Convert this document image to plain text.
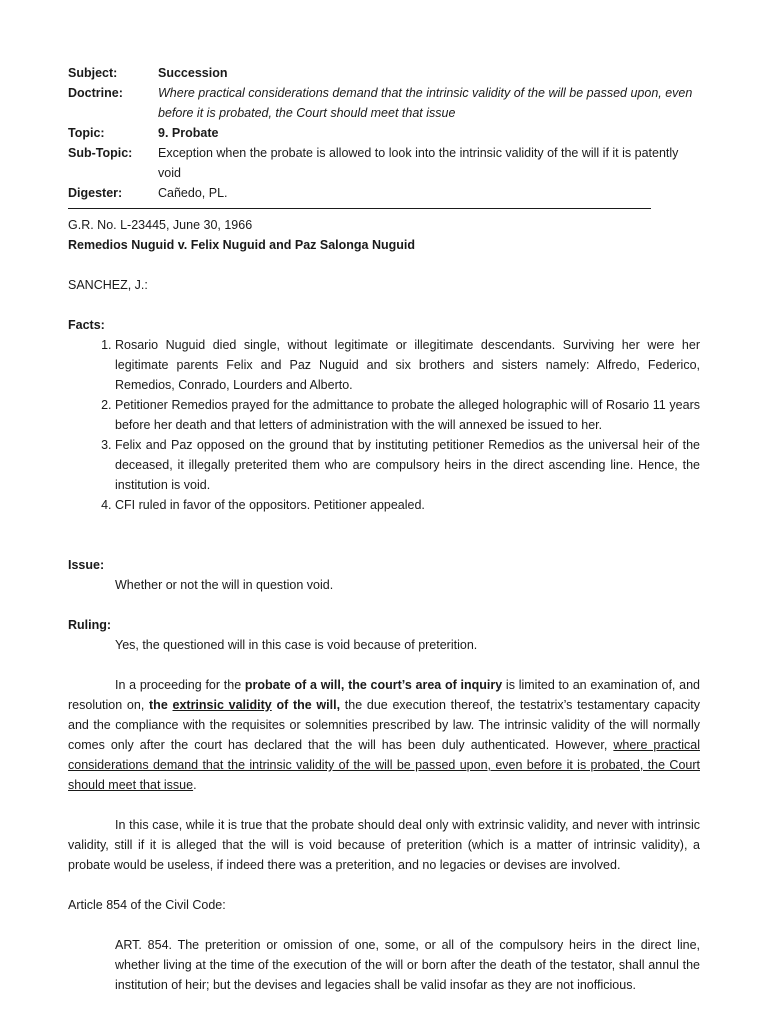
Subject:	Succession
Doctrine:	Where practical considerations demand that the intrinsic validity of the will be passed upon, even before it is probated, the Court should meet that issue
Topic:	9. Probate
Sub-Topic:	Exception when the probate is allowed to look into the intrinsic validity of the will if it is patently void
Digester:	Cañedo, PL.

G.R. No. L-23445, June 30, 1966

Remedios Nuguid v. Felix Nuguid and Paz Salonga Nuguid

SANCHEZ, J.:

Facts:

1. Rosario Nuguid died single, without legitimate or illegitimate descendants. Surviving her were her legitimate parents Felix and Paz Nuguid and six brothers and sisters namely: Alfredo, Federico, Remedios, Conrado, Lourders and Alberto.
2. Petitioner Remedios prayed for the admittance to probate the alleged holographic will of Rosario 11 years before her death and that letters of administration with the will annexed be issued to her.
3. Felix and Paz opposed on the ground that by instituting petitioner Remedios as the universal heir of the deceased, it illegally preterited them who are compulsory heirs in the direct ascending line. Hence, the institution is void.
4. CFI ruled in favor of the oppositors. Petitioner appealed.

Issue:

Whether or not the will in question void.

Ruling:

Yes, the questioned will in this case is void because of preterition.

In a proceeding for the probate of a will, the court’s area of inquiry is limited to an examination of, and resolution on, the extrinsic validity of the will, the due execution thereof, the testatrix’s testamentary capacity and the compliance with the requisites or solemnities prescribed by law. The intrinsic validity of the will normally comes only after the court has declared that the will has been duly authenticated. However, where practical considerations demand that the intrinsic validity of the will be passed upon, even before it is probated, the Court should meet that issue.

In this case, while it is true that the probate should deal only with extrinsic validity, and never with intrinsic validity, still if it is alleged that the will is void because of preterition (which is a matter of intrinsic validity), a probate would be useless, if indeed there was a preterition, and no legacies or devises are involved.

Article 854 of the Civil Code:

ART. 854. The preterition or omission of one, some, or all of the compulsory heirs in the direct line, whether living at the time of the execution of the will or born after the death of the testator, shall annul the institution of heir; but the devises and legacies shall be valid insofar as they are not inofficious.
